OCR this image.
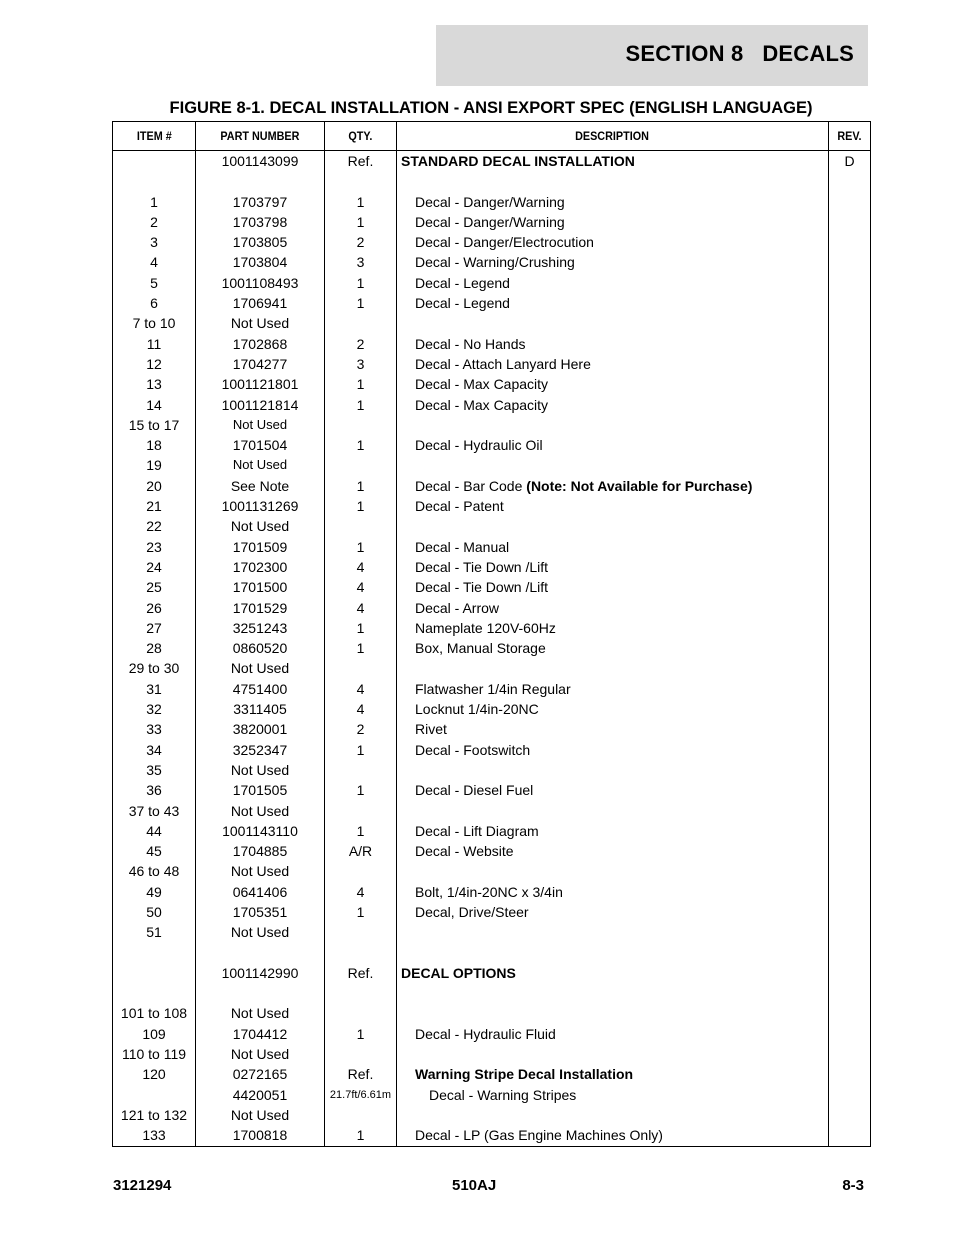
SECTION 8   DECALS
FIGURE 8-1. DECAL INSTALLATION - ANSI EXPORT SPEC (ENGLISH LANGUAGE)
ITEM #	PART NUMBER	QTY.	DESCRIPTION	REV.
	1001143099	Ref.	STANDARD DECAL INSTALLATION	D

1	1703797	1	Decal - Danger/Warning	
2	1703798	1	Decal - Danger/Warning	
3	1703805	2	Decal - Danger/Electrocution	
4	1703804	3	Decal - Warning/Crushing	
5	1001108493	1	Decal - Legend	
6	1706941	1	Decal - Legend	
7 to 10	Not Used			
11	1702868	2	Decal - No Hands	
12	1704277	3	Decal - Attach Lanyard Here	
13	1001121801	1	Decal - Max Capacity	
14	1001121814	1	Decal - Max Capacity	
15 to 17	Not Used			
18	1701504	1	Decal - Hydraulic Oil	
19	Not Used			
20	See Note	1	Decal - Bar Code (Note: Not Available for Purchase)	
21	1001131269	1	Decal - Patent	
22	Not Used			
23	1701509	1	Decal - Manual	
24	1702300	4	Decal - Tie Down /Lift	
25	1701500	4	Decal - Tie Down /Lift	
26	1701529	4	Decal - Arrow	
27	3251243	1	Nameplate 120V-60Hz	
28	0860520	1	Box, Manual Storage	
29 to 30	Not Used			
31	4751400	4	Flatwasher 1/4in Regular	
32	3311405	4	Locknut 1/4in-20NC	
33	3820001	2	Rivet	
34	3252347	1	Decal - Footswitch	
35	Not Used			
36	1701505	1	Decal - Diesel Fuel	
37 to 43	Not Used			
44	1001143110	1	Decal - Lift Diagram	
45	1704885	A/R	Decal - Website	
46 to 48	Not Used			
49	0641406	4	Bolt, 1/4in-20NC x 3/4in	
50	1705351	1	Decal, Drive/Steer	
51	Not Used			

	1001142990	Ref.	DECAL OPTIONS	

101 to 108	Not Used			
109	1704412	1	Decal - Hydraulic Fluid	
110 to 119	Not Used			
120	0272165	Ref.	Warning Stripe Decal Installation	
	4420051	21.7ft/6.61m	Decal - Warning Stripes	
121 to 132	Not Used			
133	1700818	1	Decal - LP (Gas Engine Machines Only)	
3121294	510AJ	8-3
